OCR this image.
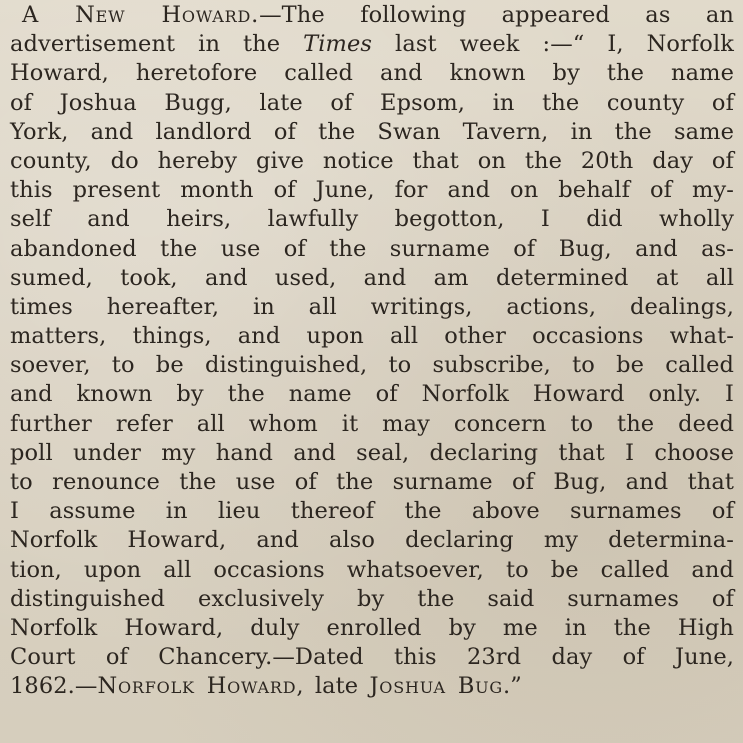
A New Howard.—The following appeared as an
advertisement in the Times last week :—“ I, Norfolk
Howard, heretofore called and known by the name
of Joshua Bugg, late of Epsom, in the county of
York, and landlord of the Swan Tavern, in the same
county, do hereby give notice that on the 20th day of
this present month of June, for and on behalf of my-
self and heirs, lawfully begotton, I did wholly
abandoned the use of the surname of Bug, and as-
sumed, took, and used, and am determined at all
times hereafter, in all writings, actions, dealings,
matters, things, and upon all other occasions what-
soever, to be distinguished, to subscribe, to be called
and known by the name of Norfolk Howard only. I
further refer all whom it may concern to the deed
poll under my hand and seal, declaring that I choose
to renounce the use of the surname of Bug, and that
I assume in lieu thereof the above surnames of
Norfolk Howard, and also declaring my determina-
tion, upon all occasions whatsoever, to be called and
distinguished exclusively by the said surnames of
Norfolk Howard, duly enrolled by me in the High
Court of Chancery.—Dated this 23rd day of June,
1862.—Norfolk Howard, late Joshua Bug.”
